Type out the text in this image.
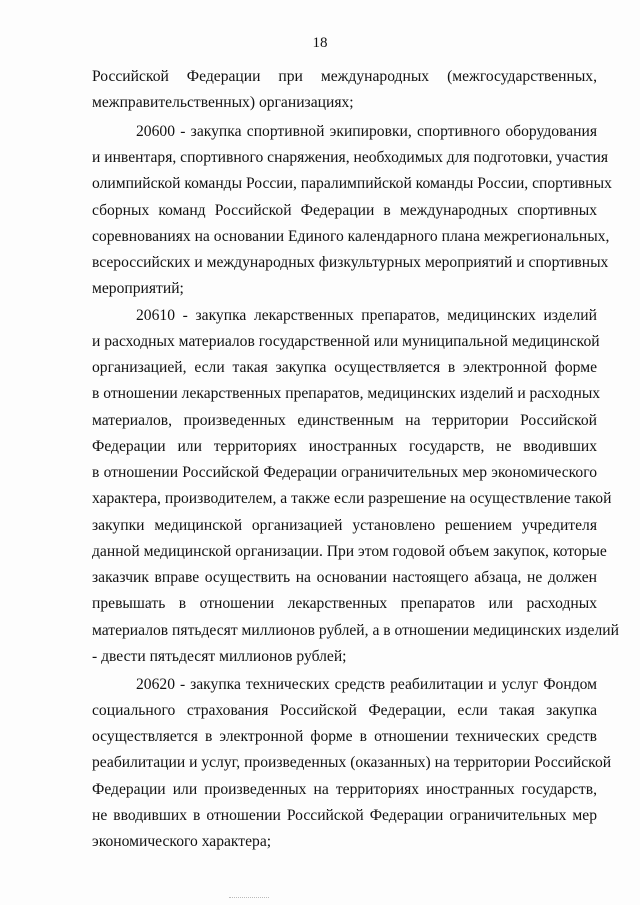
18
Российской Федерации при международных (межгосударственных,
межправительственных) организациях;
20600 - закупка спортивной экипировки, спортивного оборудования
и инвентаря, спортивного снаряжения, необходимых для подготовки, участия
олимпийской команды России, паралимпийской команды России, спортивных
сборных команд Российской Федерации в международных спортивных
соревнованиях на основании Единого календарного плана межрегиональных,
всероссийских и международных физкультурных мероприятий и спортивных
мероприятий;
20610 - закупка лекарственных препаратов, медицинских изделий
и расходных материалов государственной или муниципальной медицинской
организацией, если такая закупка осуществляется в электронной форме
в отношении лекарственных препаратов, медицинских изделий и расходных
материалов, произведенных единственным на территории Российской
Федерации или территориях иностранных государств, не вводивших
в отношении Российской Федерации ограничительных мер экономического
характера, производителем, а также если разрешение на осуществление такой
закупки медицинской организацией установлено решением учредителя
данной медицинской организации. При этом годовой объем закупок, которые
заказчик вправе осуществить на основании настоящего абзаца, не должен
превышать в отношении лекарственных препаратов или расходных
материалов пятьдесят миллионов рублей, а в отношении медицинских изделий
- двести пятьдесят миллионов рублей;
20620 - закупка технических средств реабилитации и услуг Фондом
социального страхования Российской Федерации, если такая закупка
осуществляется в электронной форме в отношении технических средств
реабилитации и услуг, произведенных (оказанных) на территории Российской
Федерации или произведенных на территориях иностранных государств,
не вводивших в отношении Российской Федерации ограничительных мер
экономического характера;
